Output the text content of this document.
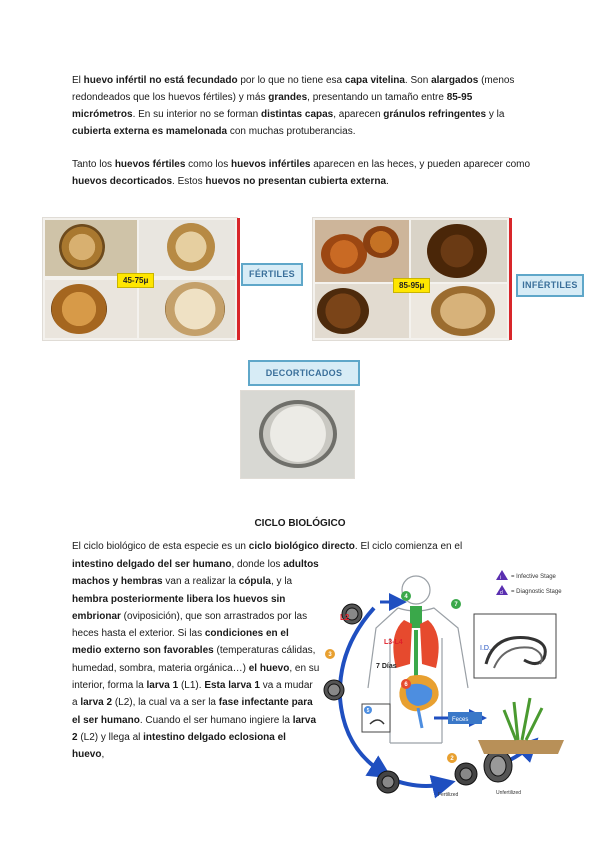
El huevo infértil no está fecundado por lo que no tiene esa capa vitelina. Son alargados (menos redondeados que los huevos fértiles) y más grandes, presentando un tamaño entre 85-95 micrómetros. En su interior no se forman distintas capas, aparecen gránulos refringentes y la cubierta externa es mamelonada con muchas protuberancias.

Tanto los huevos fértiles como los huevos infértiles aparecen en las heces, y pueden aparecer como huevos decorticados. Estos huevos no presentan cubierta externa.

45-75μ
FÉRTILES
85-95μ	INFÉRTILES
DECORTICADOS
CICLO BIOLÓGICO

El ciclo biológico de esta especie es un ciclo biológico directo. El ciclo comienza en el

intestino delgado del ser humano, donde los adultos machos y hembras van a realizar la cópula, y la hembra posteriormente libera los huevos sin embrionar (oviposición), que son arrastrados por las heces hasta el exterior. Si las condiciones en el medio externo son favorables (temperaturas cálidas, humedad, sombra, materia orgánica…) el huevo, en su interior, forma la larva 1 (L1). Esta larva 1 va a mudar a larva 2 (L2), la cual va a ser la fase infectante para el ser humano. Cuando el ser humano ingiere la larva 2 (L2) y llega al intestino delgado eclosiona el huevo,

i = Infective Stage
d = Diagnostic Stage
4
7
3
6
2
L2
L3-L4
7 Días
I.D.
5
Feces
Fertilized	Unfertilized
